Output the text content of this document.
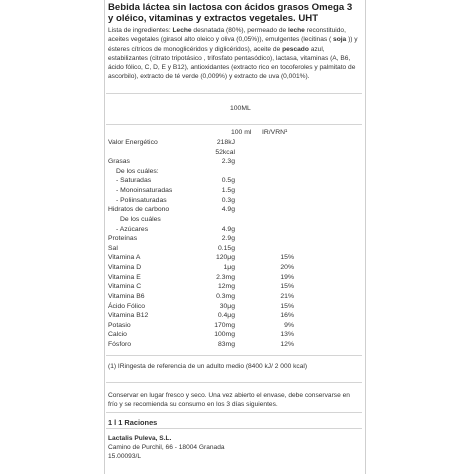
Bebida láctea sin lactosa con ácidos grasos Omega 3 y oléico, vitaminas y extractos vegetales. UHT
Lista de ingredientes: Leche desnatada (80%), permeado de leche reconstituido, aceites vegetales (girasol alto oleico y oliva (0,05%)), emulgentes (lecitinas ( soja )) y ésteres cítricos de monoglicéridos y diglicéridos), aceite de pescado azul, estabilizantes (citrato tripotásico , trifosfato pentasódico), lactasa, vitaminas (A, B6, ácido fólico, C, D, E y B12), antioxidantes (extracto rico en tocoferoles y palmitato de ascorbilo), extracto de té verde (0,009%) y extracto de uva (0,001%).
100ML
100 ml IR/VRN¹
Valor Energético	218kJ
52kcal
Grasas	2.3g
De los cuáles:
- Saturadas	0.5g
- Monoinsaturadas	1.5g
- Poliinsaturadas	0.3g
Hidratos de carbono	4.9g
De los cuáles
- Azúcares	4.9g
Proteínas	2.9g
Sal	0.15g
Vitamina A	120μg	15%
Vitamina D	1μg	20%
Vitamina E	2.3mg	19%
Vitamina C	12mg	15%
Vitamina B6	0.3mg	21%
Ácido Fólico	30μg	15%
Vitamina B12	0.4μg	16%
Potasio	170mg	9%
Calcio	100mg	13%
Fósforo	83mg	12%
(1) IRingesta de referencia de un adulto medio (8400 kJ/ 2 000 kcal)
Conservar en lugar fresco y seco. Una vez abierto el envase, debe conservarse en frío y se recomienda su consumo en los 3 días siguientes.
1 l 1 Raciones
Lactalis Puleva, S.L.
Camino de Purchil, 66 - 18004 Granada
15.00093/L
